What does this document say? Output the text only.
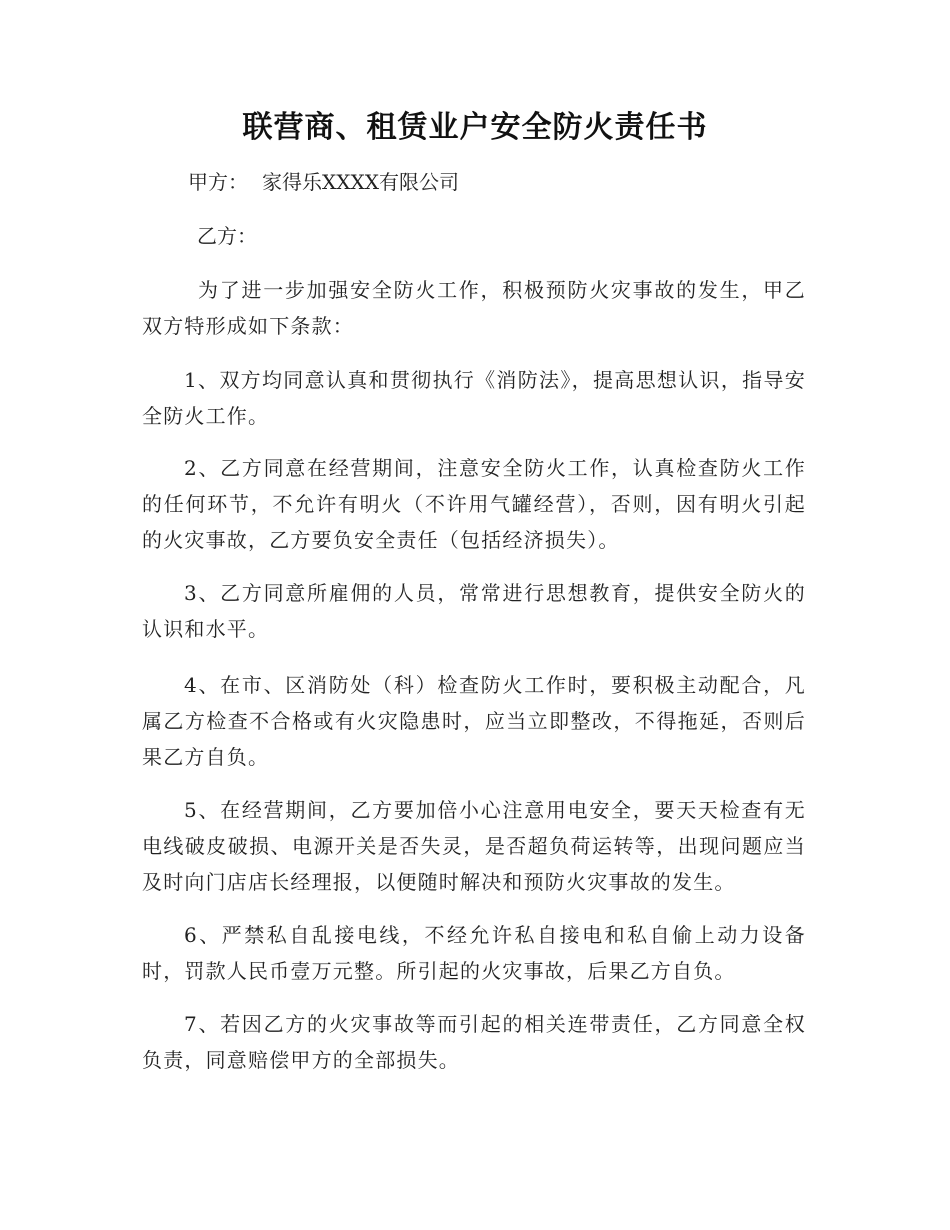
联营商、租赁业户安全防火责任书
甲方： 家得乐XXXX有限公司
乙方：

为了进一步加强安全防火工作，积极预防火灾事故的发生，甲乙双方特形成如下条款：

1、双方均同意认真和贯彻执行《消防法》，提高思想认识，指导安全防火工作。

2、乙方同意在经营期间，注意安全防火工作，认真检查防火工作的任何环节，不允许有明火（不许用气罐经营），否则，因有明火引起的火灾事故，乙方要负安全责任（包括经济损失）。

3、乙方同意所雇佣的人员，常常进行思想教育，提供安全防火的认识和水平。

4、在市、区消防处（科）检查防火工作时，要积极主动配合，凡属乙方检查不合格或有火灾隐患时，应当立即整改，不得拖延，否则后果乙方自负。

5、在经营期间，乙方要加倍小心注意用电安全，要天天检查有无电线破皮破损、电源开关是否失灵，是否超负荷运转等，出现问题应当及时向门店店长经理报，以便随时解决和预防火灾事故的发生。

6、严禁私自乱接电线，不经允许私自接电和私自偷上动力设备时，罚款人民币壹万元整。所引起的火灾事故，后果乙方自负。

7、若因乙方的火灾事故等而引起的相关连带责任，乙方同意全权负责，同意赔偿甲方的全部损失。
